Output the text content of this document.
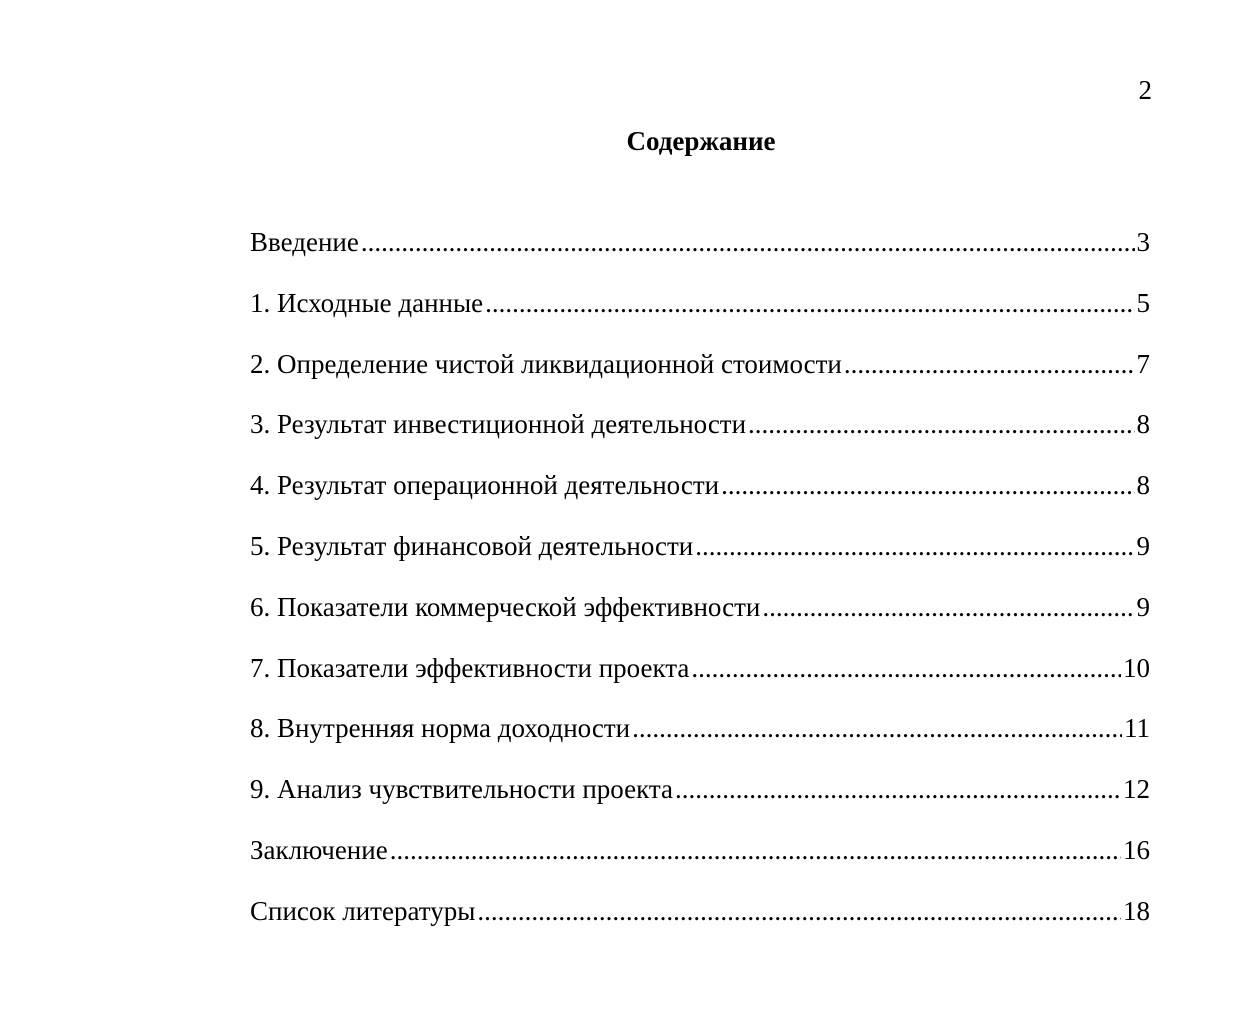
2
Содержание
Введение .....	3
1. Исходные данные .....	5
2. Определение чистой ликвидационной стоимости .....	7
3. Результат инвестиционной деятельности .....	8
4. Результат операционной деятельности .....	8
5. Результат финансовой деятельности .....	9
6. Показатели коммерческой эффективности .....	9
7. Показатели эффективности проекта .....	10
8. Внутренняя норма доходности .....	11
9. Анализ чувствительности проекта .....	12
Заключение .....	16
Список литературы .....	18
